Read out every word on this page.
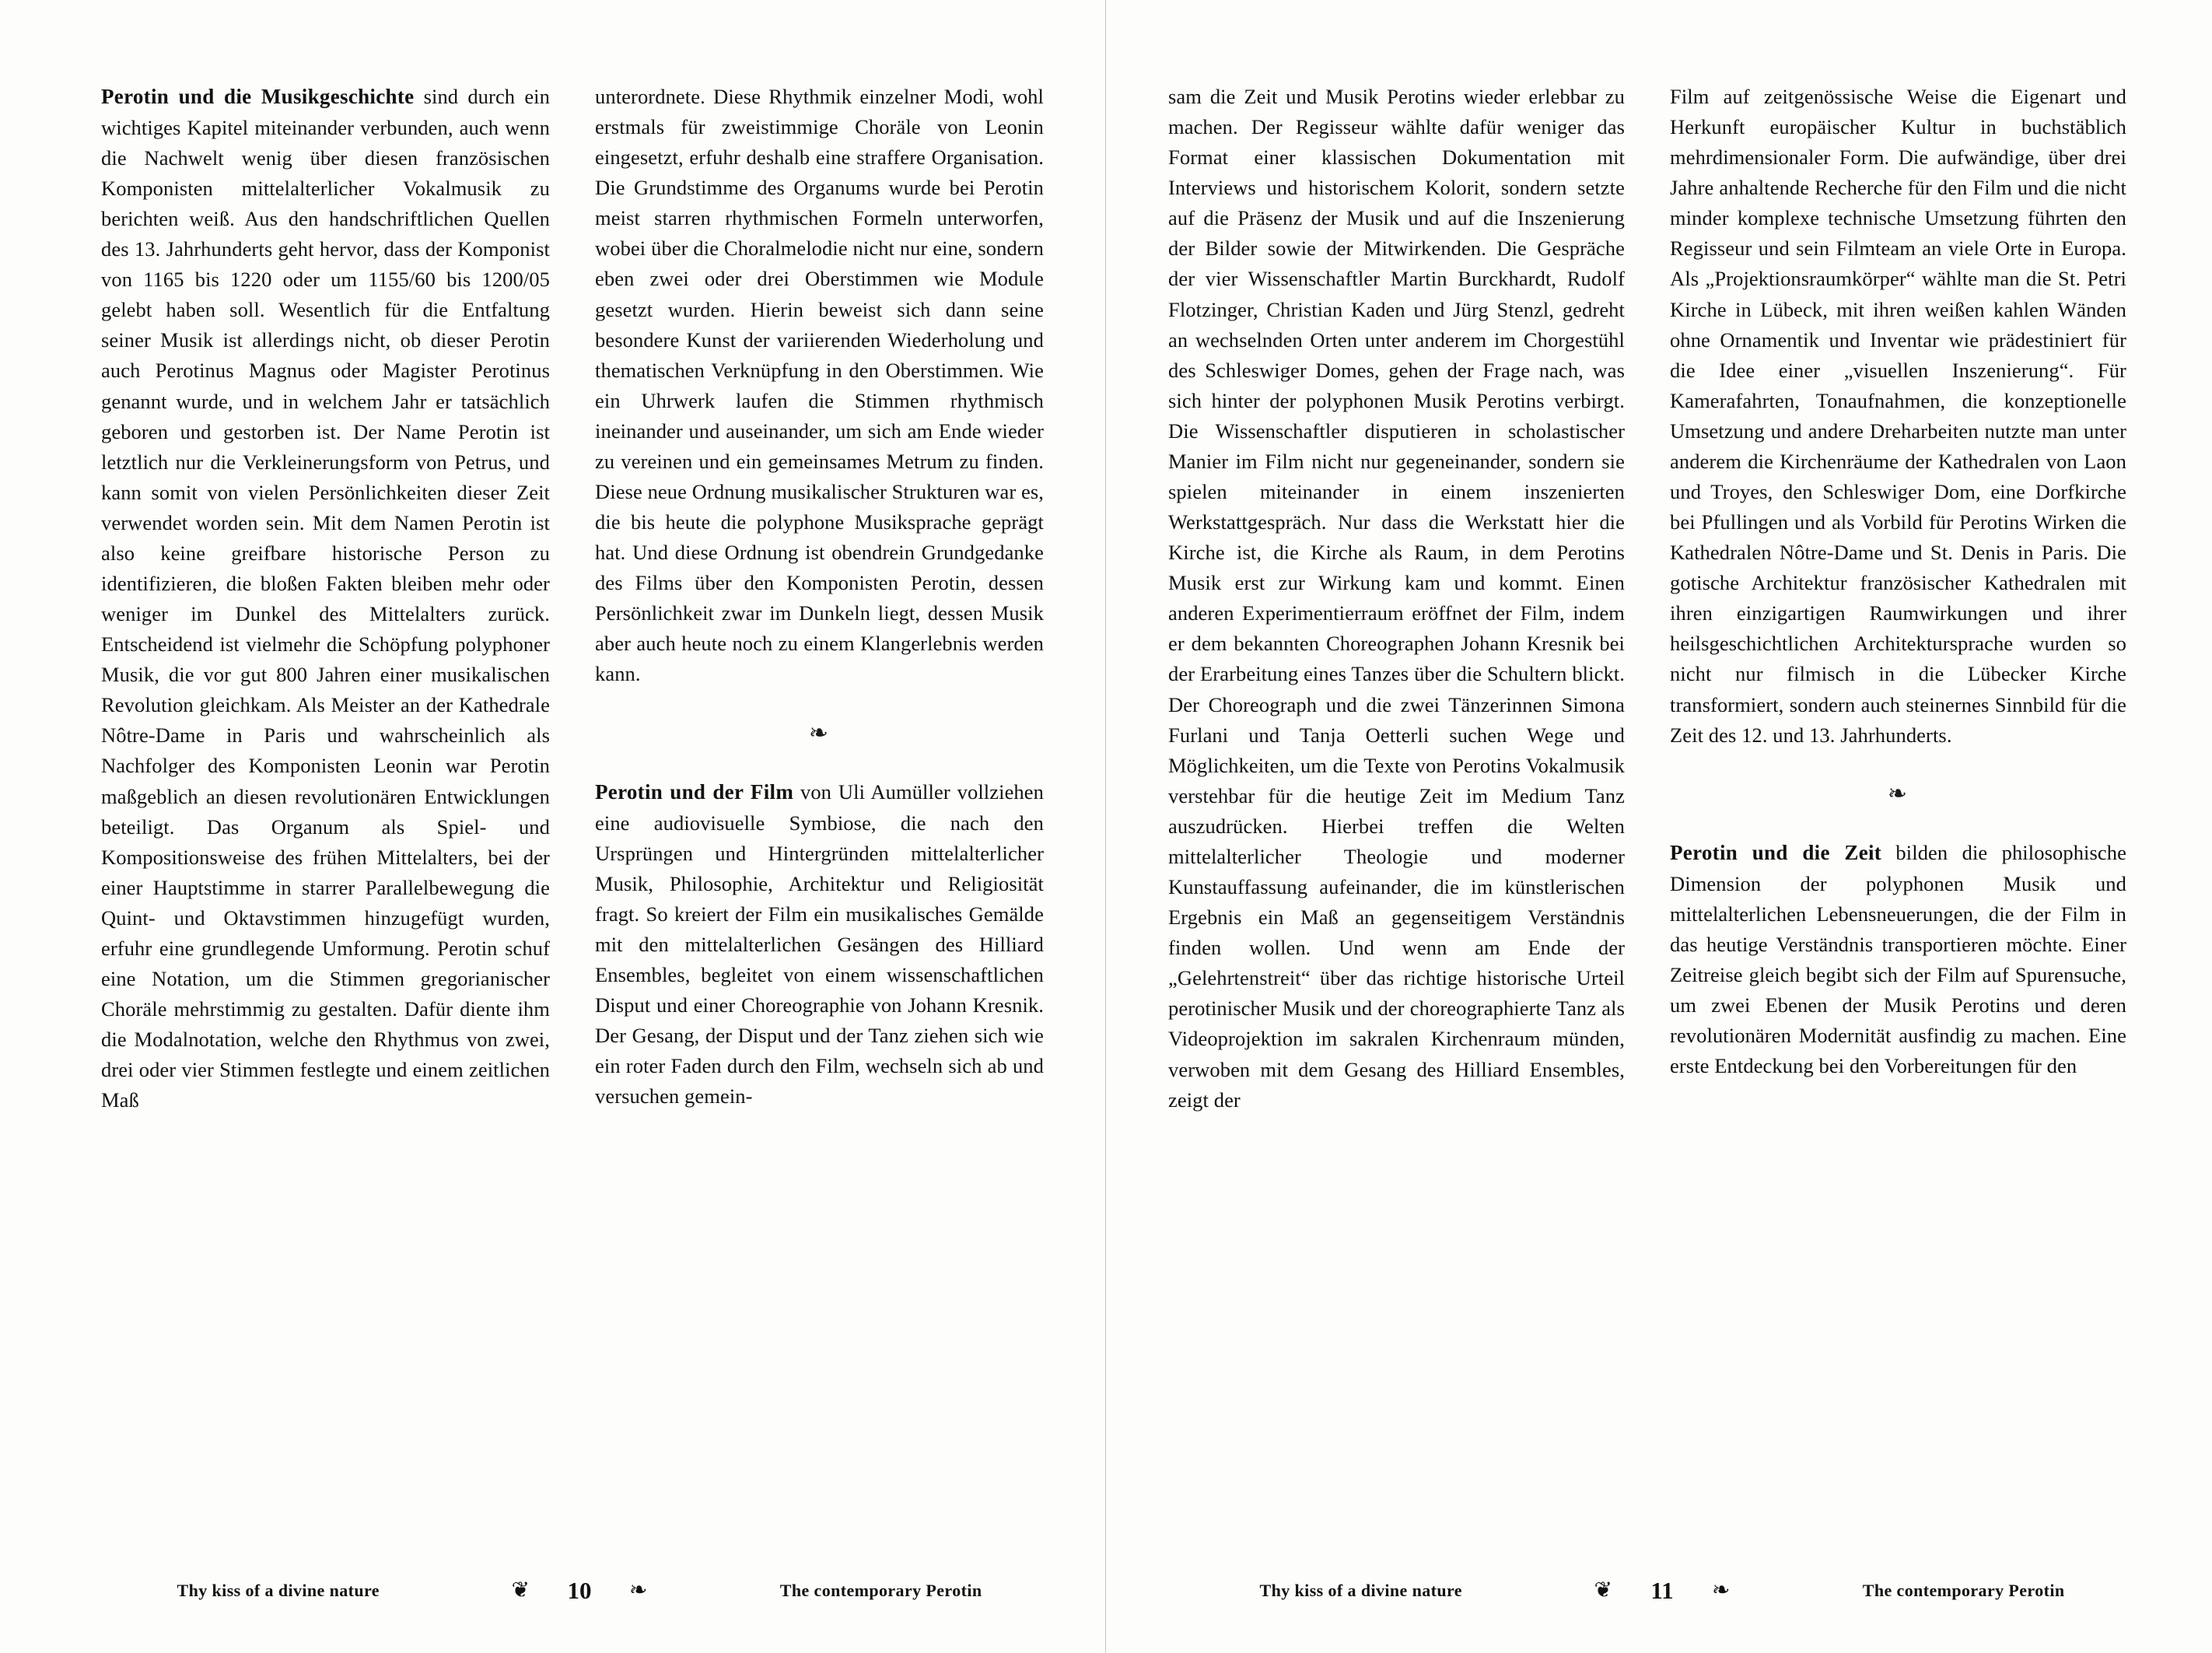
Perotin und die Musikgeschichte sind durch ein wichtiges Kapitel miteinander verbunden, auch wenn die Nachwelt wenig über diesen französischen Komponisten mittelalterlicher Vokalmusik zu berichten weiß. Aus den handschriftlichen Quellen des 13. Jahrhunderts geht hervor, dass der Komponist von 1165 bis 1220 oder um 1155/60 bis 1200/05 gelebt haben soll. Wesentlich für die Entfaltung seiner Musik ist allerdings nicht, ob dieser Perotin auch Perotinus Magnus oder Magister Perotinus genannt wurde, und in welchem Jahr er tatsächlich geboren und gestorben ist. Der Name Perotin ist letztlich nur die Verkleinerungsform von Petrus, und kann somit von vielen Persönlichkeiten dieser Zeit verwendet worden sein. Mit dem Namen Perotin ist also keine greifbare historische Person zu identifizieren, die bloßen Fakten bleiben mehr oder weniger im Dunkel des Mittelalters zurück. Entscheidend ist vielmehr die Schöpfung polyphoner Musik, die vor gut 800 Jahren einer musikalischen Revolution gleichkam. Als Meister an der Kathedrale Nôtre-Dame in Paris und wahrscheinlich als Nachfolger des Komponisten Leonin war Perotin maßgeblich an diesen revolutionären Entwicklungen beteiligt. Das Organum als Spiel- und Kompositionsweise des frühen Mittelalters, bei der einer Hauptstimme in starrer Parallelbewegung die Quint- und Oktavstimmen hinzugefügt wurden, erfuhr eine grundlegende Umformung. Perotin schuf eine Notation, um die Stimmen gregorianischer Choräle mehrstimmig zu gestalten. Dafür diente ihm die Modalnotation, welche den Rhythmus von zwei, drei oder vier Stimmen festlegte und einem zeitlichen Maß

unterordnete. Diese Rhythmik einzelner Modi, wohl erstmals für zweistimmige Choräle von Leonin eingesetzt, erfuhr deshalb eine straffere Organisation. Die Grundstimme des Organums wurde bei Perotin meist starren rhythmischen Formeln unterworfen, wobei über die Choralmelodie nicht nur eine, sondern eben zwei oder drei Oberstimmen wie Module gesetzt wurden. Hierin beweist sich dann seine besondere Kunst der variierenden Wiederholung und thematischen Verknüpfung in den Oberstimmen. Wie ein Uhrwerk laufen die Stimmen rhythmisch ineinander und auseinander, um sich am Ende wieder zu vereinen und ein gemeinsames Metrum zu finden. Diese neue Ordnung musikalischer Strukturen war es, die bis heute die polyphone Musiksprache geprägt hat. Und diese Ordnung ist obendrein Grundgedanke des Films über den Komponisten Perotin, dessen Persönlichkeit zwar im Dunkeln liegt, dessen Musik aber auch heute noch zu einem Klangerlebnis werden kann.

❧

Perotin und der Film von Uli Aumüller vollziehen eine audiovisuelle Symbiose, die nach den Ursprüngen und Hintergründen mittelalterlicher Musik, Philosophie, Architektur und Religiosität fragt. So kreiert der Film ein musikalisches Gemälde mit den mittelalterlichen Gesängen des Hilliard Ensembles, begleitet von einem wissenschaftlichen Disput und einer Choreographie von Johann Kresnik. Der Gesang, der Disput und der Tanz ziehen sich wie ein roter Faden durch den Film, wechseln sich ab und versuchen gemein-

Thy kiss of a divine nature	❦	10	❧	The contemporary Perotin

sam die Zeit und Musik Perotins wieder erlebbar zu machen. Der Regisseur wählte dafür weniger das Format einer klassischen Dokumentation mit Interviews und historischem Kolorit, sondern setzte auf die Präsenz der Musik und auf die Inszenierung der Bilder sowie der Mitwirkenden. Die Gespräche der vier Wissenschaftler Martin Burckhardt, Rudolf Flotzinger, Christian Kaden und Jürg Stenzl, gedreht an wechselnden Orten unter anderem im Chorgestühl des Schleswiger Domes, gehen der Frage nach, was sich hinter der polyphonen Musik Perotins verbirgt. Die Wissenschaftler disputieren in scholastischer Manier im Film nicht nur gegeneinander, sondern sie spielen miteinander in einem inszenierten Werkstattgespräch. Nur dass die Werkstatt hier die Kirche ist, die Kirche als Raum, in dem Perotins Musik erst zur Wirkung kam und kommt. Einen anderen Experimentierraum eröffnet der Film, indem er dem bekannten Choreographen Johann Kresnik bei der Erarbeitung eines Tanzes über die Schultern blickt. Der Choreograph und die zwei Tänzerinnen Simona Furlani und Tanja Oetterli suchen Wege und Möglichkeiten, um die Texte von Perotins Vokalmusik verstehbar für die heutige Zeit im Medium Tanz auszudrücken. Hierbei treffen die Welten mittelalterlicher Theologie und moderner Kunstauffassung aufeinander, die im künstlerischen Ergebnis ein Maß an gegenseitigem Verständnis finden wollen. Und wenn am Ende der „Gelehrtenstreit“ über das richtige historische Urteil perotinischer Musik und der choreographierte Tanz als Videoprojektion im sakralen Kirchenraum münden, verwoben mit dem Gesang des Hilliard Ensembles, zeigt der

Film auf zeitgenössische Weise die Eigenart und Herkunft europäischer Kultur in buchstäblich mehrdimensionaler Form. Die aufwändige, über drei Jahre anhaltende Recherche für den Film und die nicht minder komplexe technische Umsetzung führten den Regisseur und sein Filmteam an viele Orte in Europa. Als „Projektionsraumkörper“ wählte man die St. Petri Kirche in Lübeck, mit ihren weißen kahlen Wänden ohne Ornamentik und Inventar wie prädestiniert für die Idee einer „visuellen Inszenierung“. Für Kamerafahrten, Tonaufnahmen, die konzeptionelle Umsetzung und andere Dreharbeiten nutzte man unter anderem die Kirchenräume der Kathedralen von Laon und Troyes, den Schleswiger Dom, eine Dorfkirche bei Pfullingen und als Vorbild für Perotins Wirken die Kathedralen Nôtre-Dame und St. Denis in Paris. Die gotische Architektur französischer Kathedralen mit ihren einzigartigen Raumwirkungen und ihrer heilsgeschichtlichen Architektursprache wurden so nicht nur filmisch in die Lübecker Kirche transformiert, sondern auch steinernes Sinnbild für die Zeit des 12. und 13. Jahrhunderts.

❧

Perotin und die Zeit bilden die philosophische Dimension der polyphonen Musik und mittelalterlichen Lebensneuerungen, die der Film in das heutige Verständnis transportieren möchte. Einer Zeitreise gleich begibt sich der Film auf Spurensuche, um zwei Ebenen der Musik Perotins und deren revolutionären Modernität ausfindig zu machen. Eine erste Entdeckung bei den Vorbereitungen für den

Thy kiss of a divine nature	❦	11	❧	The contemporary Perotin
